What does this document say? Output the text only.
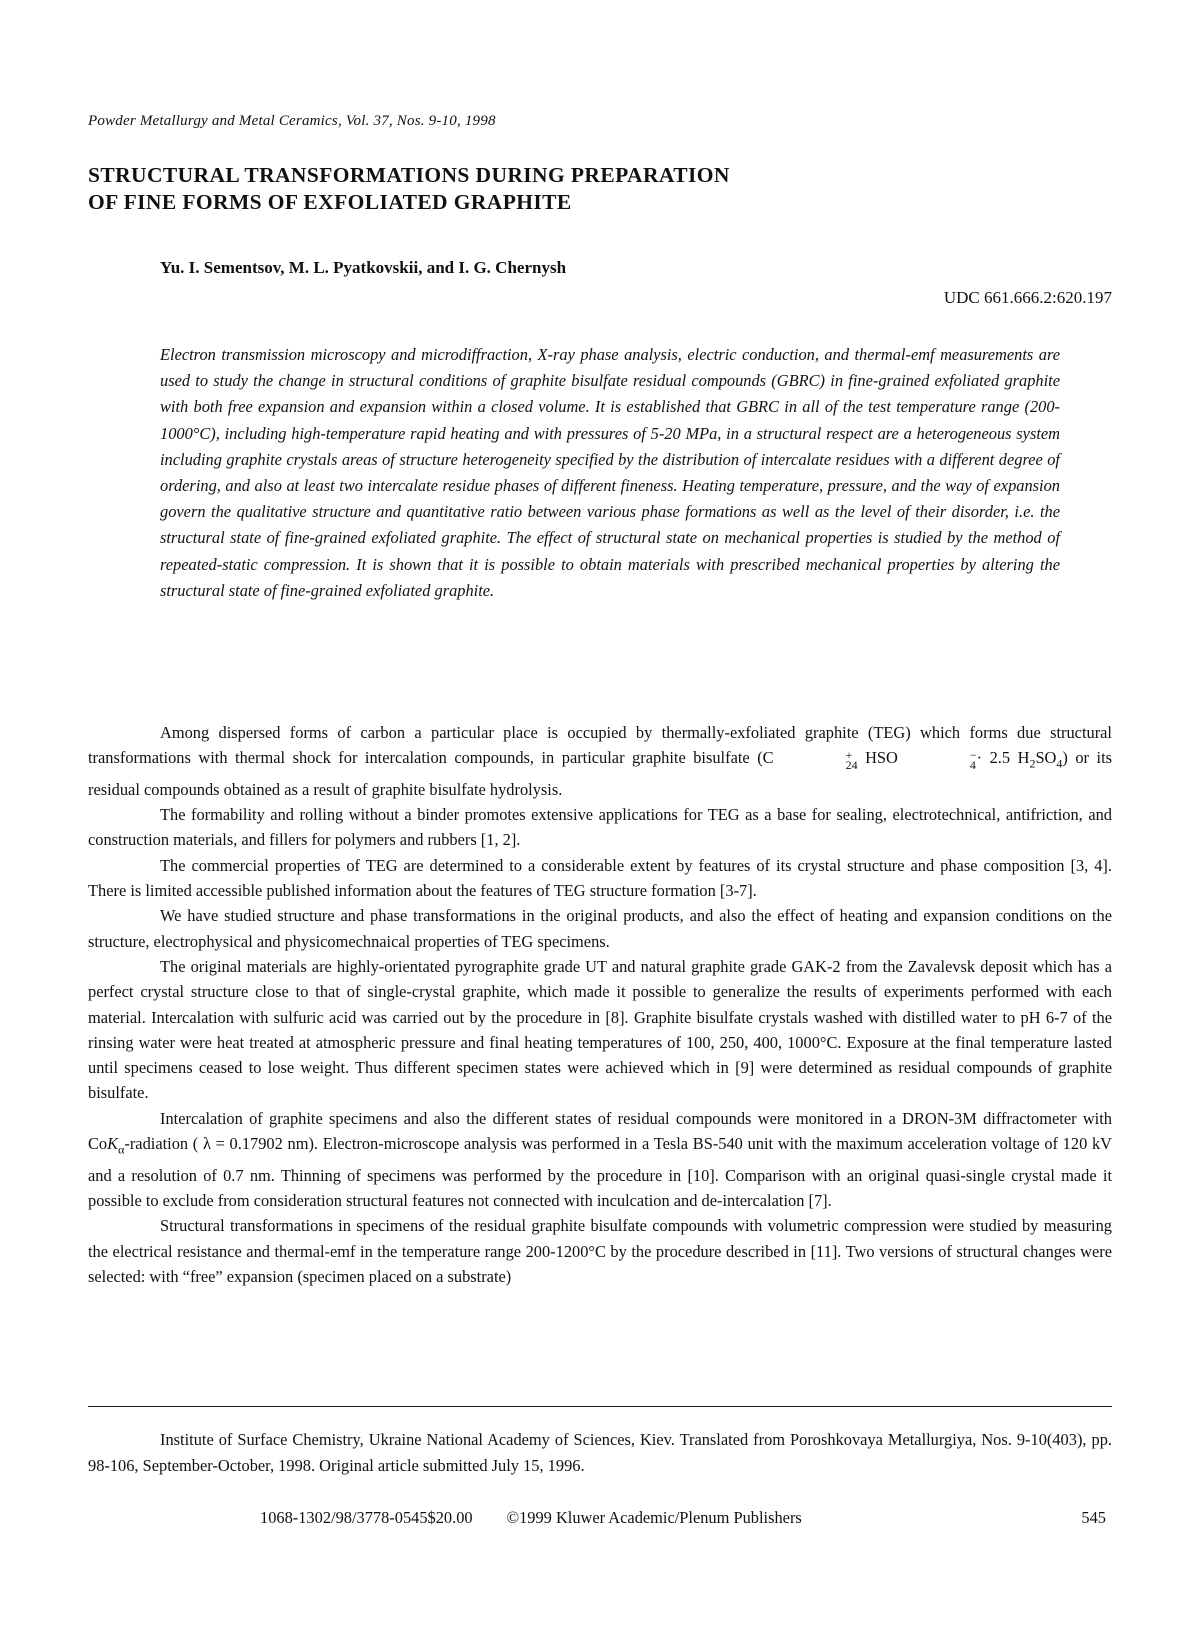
Powder Metallurgy and Metal Ceramics, Vol. 37, Nos. 9-10, 1998
STRUCTURAL TRANSFORMATIONS DURING PREPARATION
OF FINE FORMS OF EXFOLIATED GRAPHITE
Yu. I. Sementsov, M. L. Pyatkovskii, and I. G. Chernysh
UDC 661.666.2:620.197
Electron transmission microscopy and microdiffraction, X-ray phase analysis, electric conduction, and thermal-emf measurements are used to study the change in structural conditions of graphite bisulfate residual compounds (GBRC) in fine-grained exfoliated graphite with both free expansion and expansion within a closed volume. It is established that GBRC in all of the test temperature range (200-1000°C), including high-temperature rapid heating and with pressures of 5-20 MPa, in a structural respect are a heterogeneous system including graphite crystals areas of structure heterogeneity specified by the distribution of intercalate residues with a different degree of ordering, and also at least two intercalate residue phases of different fineness. Heating temperature, pressure, and the way of expansion govern the qualitative structure and quantitative ratio between various phase formations as well as the level of their disorder, i.e. the structural state of fine-grained exfoliated graphite. The effect of structural state on mechanical properties is studied by the method of repeated-static compression. It is shown that it is possible to obtain materials with prescribed mechanical properties by altering the structural state of fine-grained exfoliated graphite.

Among dispersed forms of carbon a particular place is occupied by thermally-exfoliated graphite (TEG) which forms due structural transformations with thermal shock for intercalation compounds, in particular graphite bisulfate (C	+
24 HSO	−
4 · 2.5 $H_2SO_4$) or its residual compounds obtained as a result of graphite bisulfate hydrolysis.

The formability and rolling without a binder promotes extensive applications for TEG as a base for sealing, electrotechnical, antifriction, and construction materials, and fillers for polymers and rubbers [1, 2].

The commercial properties of TEG are determined to a considerable extent by features of its crystal structure and phase composition [3, 4]. There is limited accessible published information about the features of TEG structure formation [3-7].

We have studied structure and phase transformations in the original products, and also the effect of heating and expansion conditions on the structure, electrophysical and physicomechnaical properties of TEG specimens.

The original materials are highly-orientated pyrographite grade UT and natural graphite grade GAK-2 from the Zavalevsk deposit which has a perfect crystal structure close to that of single-crystal graphite, which made it possible to generalize the results of experiments performed with each material. Intercalation with sulfuric acid was carried out by the procedure in [8]. Graphite bisulfate crystals washed with distilled water to pH 6-7 of the rinsing water were heat treated at atmospheric pressure and final heating temperatures of 100, 250, 400, 1000°C. Exposure at the final temperature lasted until specimens ceased to lose weight. Thus different specimen states were achieved which in [9] were determined as residual compounds of graphite bisulfate.

Intercalation of graphite specimens and also the different states of residual compounds were monitored in a DRON-3M diffractometer with CoK$_\alpha$-radiation ( λ = 0.17902 nm). Electron-microscope analysis was performed in a Tesla BS-540 unit with the maximum acceleration voltage of 120 kV and a resolution of 0.7 nm. Thinning of specimens was performed by the procedure in [10]. Comparison with an original quasi-single crystal made it possible to exclude from consideration structural features not connected with inculcation and de-intercalation [7].

Structural transformations in specimens of the residual graphite bisulfate compounds with volumetric compression were studied by measuring the electrical resistance and thermal-emf in the temperature range 200-1200°C by the procedure described in [11]. Two versions of structural changes were selected: with “free” expansion (specimen placed on a substrate)

Institute of Surface Chemistry, Ukraine National Academy of Sciences, Kiev. Translated from Poroshkovaya Metallurgiya, Nos. 9-10(403), pp. 98-106, September-October, 1998. Original article submitted July 15, 1996.

1068-1302/98/3778-0545$20.00 ©1999 Kluwer Academic/Plenum Publishers	545
